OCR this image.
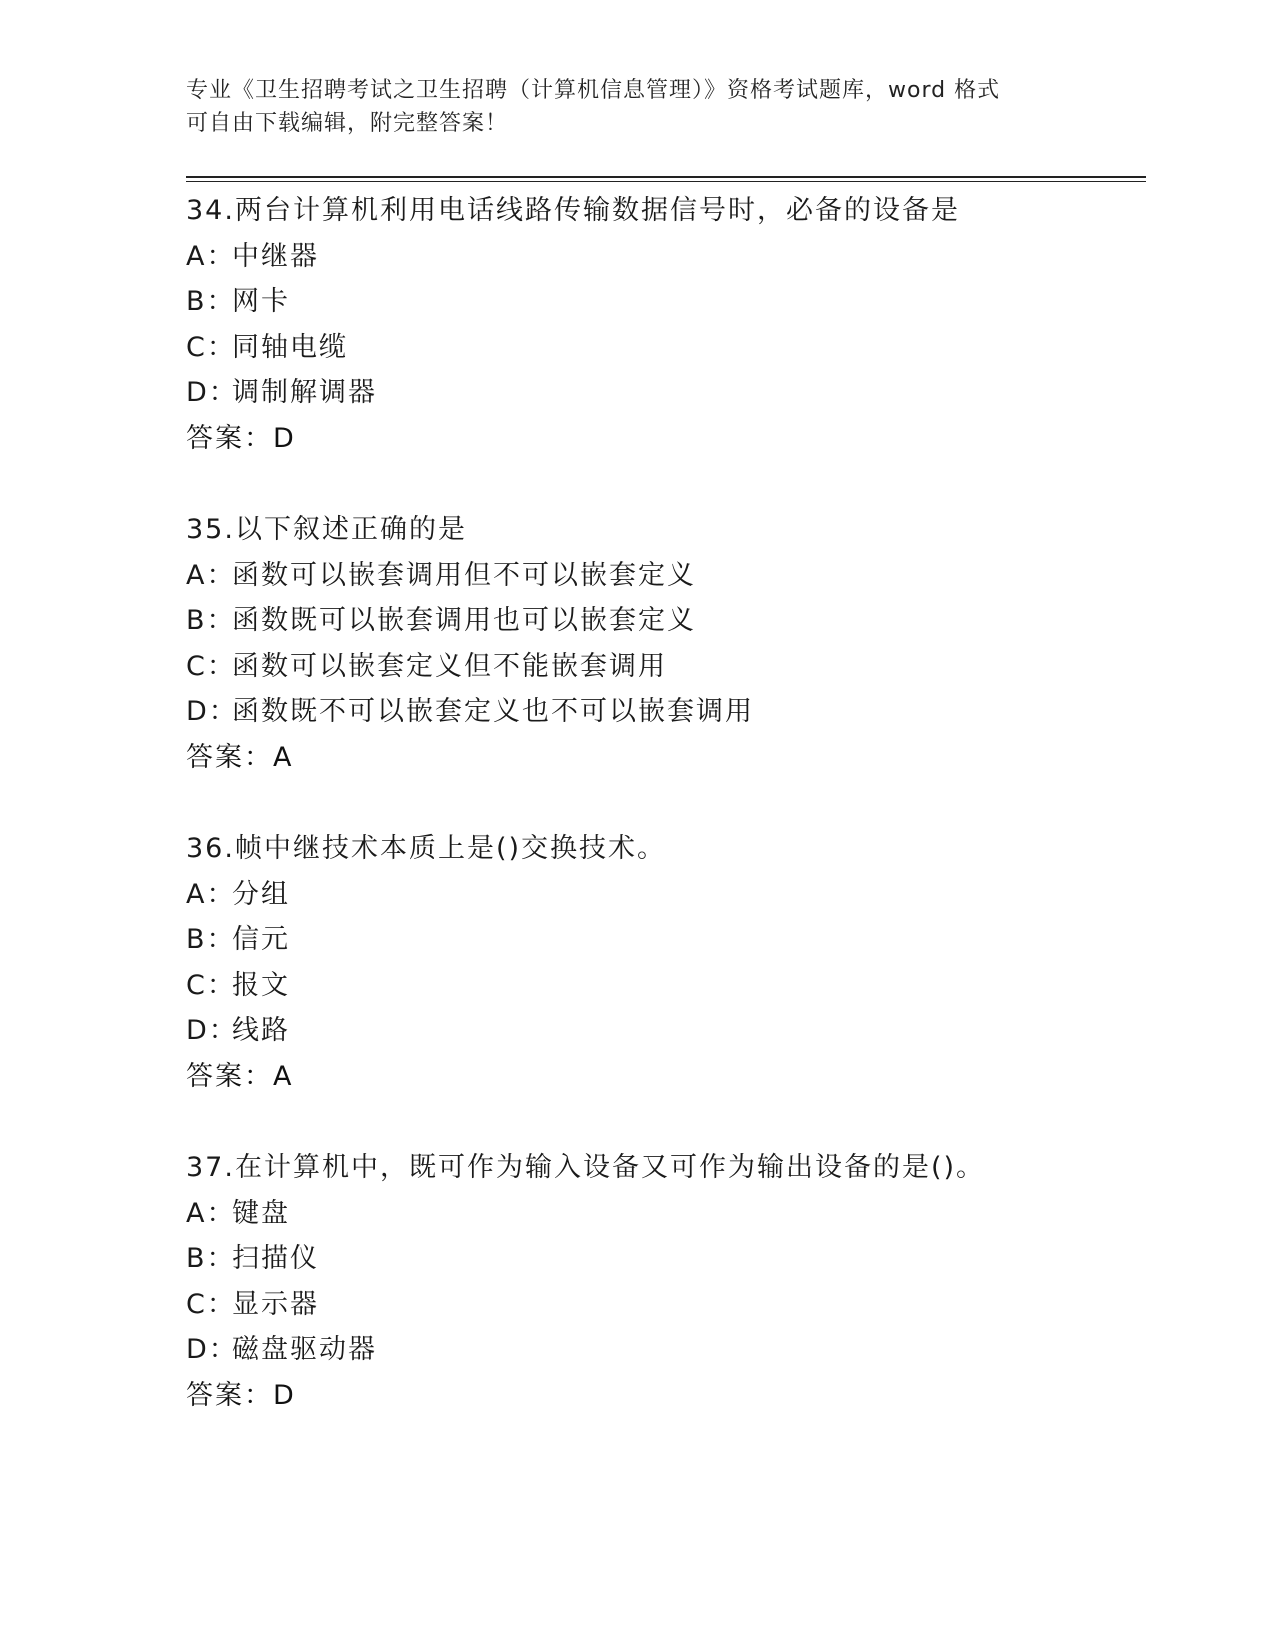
专业《卫生招聘考试之卫生招聘（计算机信息管理）》资格考试题库，word 格式
可自由下载编辑，附完整答案！
34.两台计算机利用电话线路传输数据信号时，必备的设备是
A：中继器
B：网卡
C：同轴电缆
D：调制解调器
答案：D
35.以下叙述正确的是
A：函数可以嵌套调用但不可以嵌套定义
B：函数既可以嵌套调用也可以嵌套定义
C：函数可以嵌套定义但不能嵌套调用
D：函数既不可以嵌套定义也不可以嵌套调用
答案：A
36.帧中继技术本质上是()交换技术。
A：分组
B：信元
C：报文
D：线路
答案：A
37.在计算机中，既可作为输入设备又可作为输出设备的是()。
A：键盘
B：扫描仪
C：显示器
D：磁盘驱动器
答案：D
